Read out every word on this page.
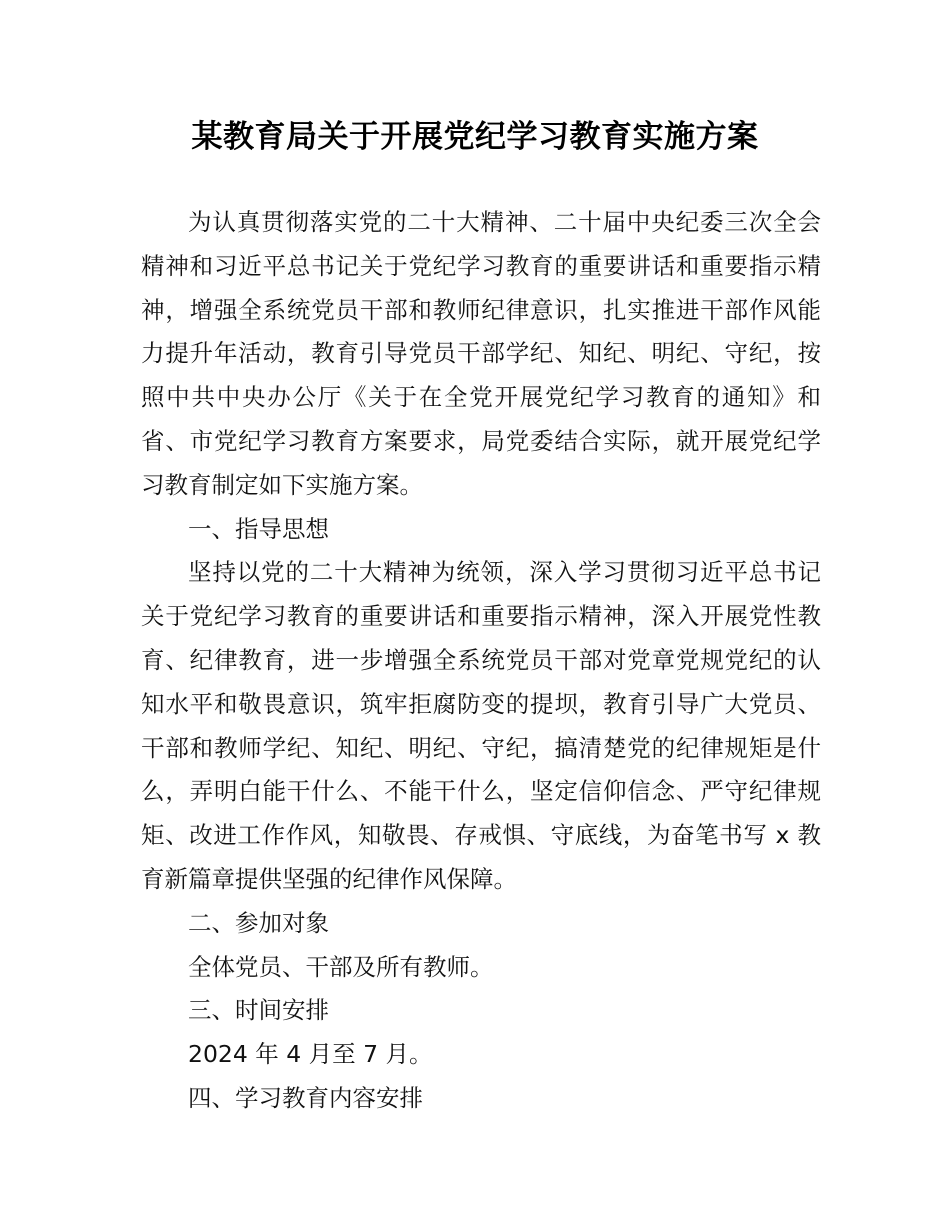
某教育局关于开展党纪学习教育实施方案

为认真贯彻落实党的二十大精神、二十届中央纪委三次全会精神和习近平总书记关于党纪学习教育的重要讲话和重要指示精神，增强全系统党员干部和教师纪律意识，扎实推进干部作风能力提升年活动，教育引导党员干部学纪、知纪、明纪、守纪，按照中共中央办公厅《关于在全党开展党纪学习教育的通知》和省、市党纪学习教育方案要求，局党委结合实际，就开展党纪学习教育制定如下实施方案。

一、指导思想

坚持以党的二十大精神为统领，深入学习贯彻习近平总书记关于党纪学习教育的重要讲话和重要指示精神，深入开展党性教育、纪律教育，进一步增强全系统党员干部对党章党规党纪的认知水平和敬畏意识，筑牢拒腐防变的提坝，教育引导广大党员、干部和教师学纪、知纪、明纪、守纪，搞清楚党的纪律规矩是什么，弄明白能干什么、不能干什么，坚定信仰信念、严守纪律规矩、改进工作作风，知敬畏、存戒惧、守底线，为奋笔书写 x 教育新篇章提供坚强的纪律作风保障。

二、参加对象

全体党员、干部及所有教师。

三、时间安排

2024 年 4 月至 7 月。

四、学习教育内容安排
